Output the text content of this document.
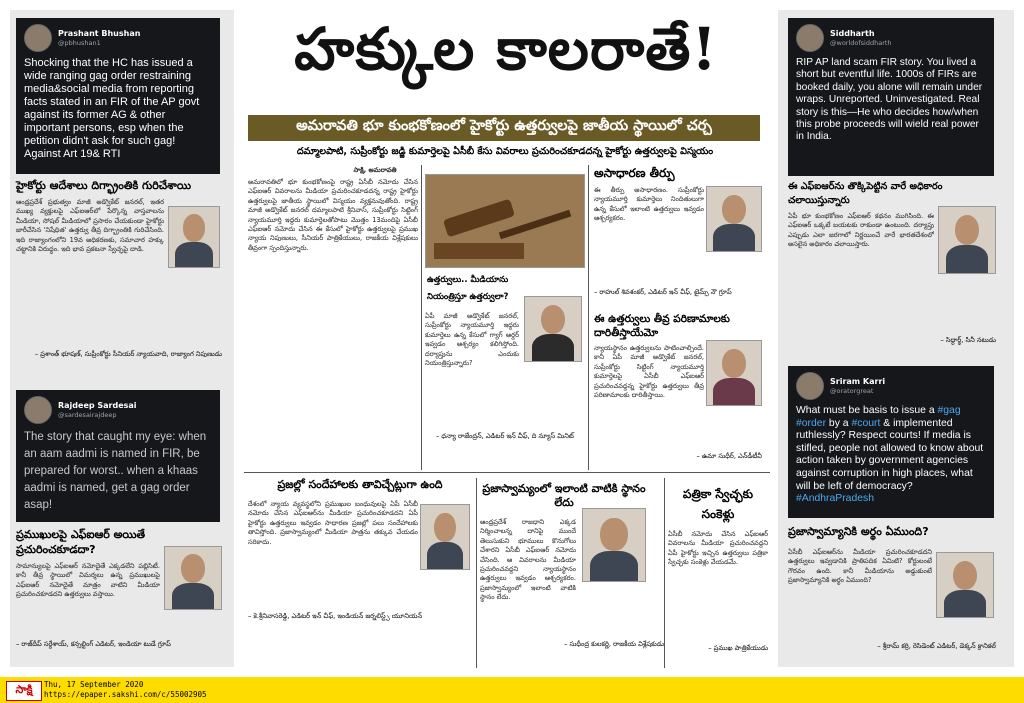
హక్కుల కాలరాతే!
అమరావతి భూ కుంభకోణంలో హైకోర్టు ఉత్తర్వులపై జాతీయ స్థాయిలో చర్చ
దమ్మాలపాటి, సుప్రీంకోర్టు జడ్జి కుమార్తెలపై ఏసీబీ కేసు వివరాలు ప్రచురించకూడదన్న హైకోర్టు ఉత్తర్వులపై విస్మయం
Prashant Bhushan
@pbhushan1
Shocking that the HC has issued a wide ranging gag order restraining media&social media from reporting facts stated in an FIR of the AP govt against its former AG & other important persons, esp when the petition didn't ask for such gag! Against Art 19& RTI
హైకోర్టు ఆదేశాలు దిగ్భ్రాంతికి గురిచేశాయి
ఆంధ్రప్రదేశ్ ప్రభుత్వం మాజీ అడ్వొకేట్ జనరల్, ఇతర ముఖ్య వ్యక్తులపై ఎఫ్ఐఆర్‌లో పేర్కొన్న వాస్తవాలను మీడియా, సోషల్ మీడియాలో ప్రసారం చేయకుండా హైకోర్టు జారీచేసిన 'నిషేధిత' ఉత్తర్వు తీవ్ర దిగ్భ్రాంతికి గురిచేసింది. ఇది రాజ్యాంగంలోని 19వ అధికరణకు, సమాచార హక్కు చట్టానికి విరుద్ధం. ఇది భావ ప్రకటనా స్వేచ్ఛపై దాడి.
– ప్రశాంత్ భూషణ్, సుప్రీంకోర్టు సీనియర్ న్యాయవాది, రాజ్యాంగ నిపుణుడు
Rajdeep Sardesai
@sardesairajdeep
The story that caught my eye: when an aam aadmi is named in FIR, be prepared for worst.. when a khaas aadmi is named, get a gag order asap!
ప్రముఖులపై ఎఫ్ఐఆర్ అయితే ప్రచురించకూడదా?
సామాన్యులపై ఎఫ్ఐఆర్ నమోదైతే ఎక్కడలేని పబ్లిసిటీ. కానీ తీవ్ర స్థాయిలో విమర్శలు ఉన్న ప్రముఖులపై ఎఫ్ఐఆర్ నమోదైతే మాత్రం వాటిని మీడియా ప్రచురించకూడదని ఉత్తర్వులు వస్తాయి.
– రాజ్‌దీప్ సర్దేశాయ్, కన్సల్టింగ్ ఎడిటర్, ఇండియా టుడే గ్రూప్
సాక్షి, అమరావతి
అమరావతిలో భూ కుంభకోణంపై రాష్ట్ర ఏసీబీ నమోదు చేసిన ఎఫ్ఐఆర్ వివరాలను మీడియా ప్రచురించకూడదన్న రాష్ట్ర హైకోర్టు ఉత్తర్వులపై జాతీయ స్థాయిలో విస్మయం వ్యక్తమవుతోంది. రాష్ట్ర మాజీ అడ్వొకేట్ జనరల్ దమ్మాలపాటి శ్రీనివాస్, సుప్రీంకోర్టు సిట్టింగ్ న్యాయమూర్తి ఇద్దరు కుమార్తెలతోపాటు మొత్తం 13మందిపై ఏసీబీ ఎఫ్ఐఆర్ నమోదు చేసిన ఈ కేసులో హైకోర్టు ఉత్తర్వులపై ప్రముఖ న్యాయ నిపుణులు, సీనియర్ పాత్రికేయులు, రాజకీయ విశ్లేషకులు తీవ్రంగా స్పందిస్తున్నారు.
ఉత్తర్వులు.. మీడియాను నియంత్రిస్తూ ఉత్తర్వులా?
ఏపీ మాజీ అడ్వొకేట్ జనరల్, సుప్రీంకోర్టు న్యాయమూర్తి ఇద్దరు కుమార్తెలు ఉన్న కేసులో గ్యాగ్ ఆర్డర్ ఇవ్వడం ఆశ్చర్యం కలిగిస్తోంది. దర్యాప్తును ఎందుకు నియంత్రిస్తున్నారు?
– ధన్యా రాజేంద్రన్, ఎడిటర్ ఇన్ చీఫ్, ది న్యూస్ మినిట్
అసాధారణ తీర్పు
ఈ తీర్పు అసాధారణం. సుప్రీంకోర్టు న్యాయమూర్తి కుమార్తెలు నిందితులుగా ఉన్న కేసులో ఇలాంటి ఉత్తర్వులు ఇవ్వడం ఆశ్చర్యకరం.
– రాహుల్ శివశంకర్, ఎడిటర్ ఇన్ చీఫ్, టైమ్స్ నౌ గ్రూప్
ఈ ఉత్తర్వులు తీవ్ర పరిణామాలకు దారితీస్తాయేమో
న్యాయస్థానం ఉత్తర్వులను పాటించాల్సిందే. కానీ ఏపీ మాజీ అడ్వొకేట్ జనరల్, సుప్రీంకోర్టు సిట్టింగ్ న్యాయమూర్తి కుమార్తెలపై ఏసీబీ ఎఫ్ఐఆర్ ప్రచురించవద్దన్న హైకోర్టు ఉత్తర్వులు తీవ్ర పరిణామాలకు దారితీస్తాయి.
– ఉమా సుధీర్, ఎన్‌డీటీవీ
ప్రజల్లో సందేహాలకు తావిచ్చేట్లుగా ఉంది
దేశంలో న్యాయ వ్యవస్థలోని ప్రముఖుల బంధువులపై ఏపీ ఏసీబీ నమోదు చేసిన ఎఫ్ఐఆర్‌ను మీడియా ప్రచురించకూడదని ఏపీ హైకోర్టు ఉత్తర్వులు ఇవ్వడం సాధారణ ప్రజల్లో పలు సందేహాలకు తావిస్తోంది. ప్రజాస్వామ్యంలో మీడియా పాత్రను తక్కువ చేయడం సరికాదు.
– కె.శ్రీనివాసరెడ్డి, ఎడిటర్ ఇన్ చీఫ్, ఇండియన్ జర్నలిస్ట్స్ యూనియన్
ప్రజాస్వామ్యంలో ఇలాంటి వాటికి స్థానం లేదు
ఆంధ్రప్రదేశ్ రాజధాని ఎక్కడ నిర్మించాలన్న దానిపై ముందే తెలుసుకుని భూములు కొనుగోలు చేశారని ఏసీబీ ఎఫ్ఐఆర్ నమోదు చేసింది. ఆ వివరాలను మీడియా ప్రచురించవద్దని న్యాయస్థానం ఉత్తర్వులు ఇవ్వడం ఆశ్చర్యకరం. ప్రజాస్వామ్యంలో ఇలాంటి వాటికి స్థానం లేదు.
– సుధీంద్ర కులకర్ణి, రాజకీయ విశ్లేషకుడు
పత్రికా స్వేచ్ఛకు సంకెళ్లు
ఏసీబీ నమోదు చేసిన ఎఫ్ఐఆర్ వివరాలను మీడియా ప్రచురించవద్దని ఏపీ హైకోర్టు ఇచ్చిన ఉత్తర్వులు పత్రికా స్వేచ్ఛకు సంకెళ్లు వేయడమే.
– ప్రముఖ పాత్రికేయుడు
Siddharth
@worldofsiddharth
RIP AP land scam FIR story. You lived a short but eventful life. 1000s of FIRs are booked daily, you alone will remain under wraps. Unreported. Uninvestigated. Real story is this—He who decides how/when this probe proceeds will wield real power in India.
ఈ ఎఫ్ఐఆర్‌ను తొక్కిపెట్టిన వారే అధికారం చలాయిస్తున్నారు
ఏపీ భూ కుంభకోణం ఎఫ్ఐఆర్ కథనం ముగిసింది. ఈ ఎఫ్ఐఆర్ ఒక్కటే బయటకు రాకుండా ఉంటుంది. దర్యాప్తు ఎప్పుడు ఎలా జరగాలో నిర్ణయించే వారే భారతదేశంలో అసలైన అధికారం చలాయిస్తారు.
– సిద్ధార్థ్, సినీ నటుడు
Sriram Karri
@oratorgreat
What must be basis to issue a #gag #order by a #court & implemented ruthlessly? Respect courts! If media is stifled, people not allowed to know about action taken by government agencies against corruption in high places, what will be left of democracy? #AndhraPradesh
ప్రజాస్వామ్యానికి అర్థం ఏముంది?
ఏసీబీ ఎఫ్ఐఆర్‌ను మీడియా ప్రచురించకూడదని ఉత్తర్వులు ఇవ్వడానికి ప్రాతిపదిక ఏమిటి? కోర్టులంటే గౌరవం ఉంది. కానీ మీడియాను అడ్డుకుంటే ప్రజాస్వామ్యానికి అర్థం ఏముంది?
– శ్రీరామ్ కర్రి, రెసిడెంట్ ఎడిటర్, డెక్కన్ క్రానికల్
సాక్షి	Thu, 17 September 2020
https://epaper.sakshi.com/c/55002905
